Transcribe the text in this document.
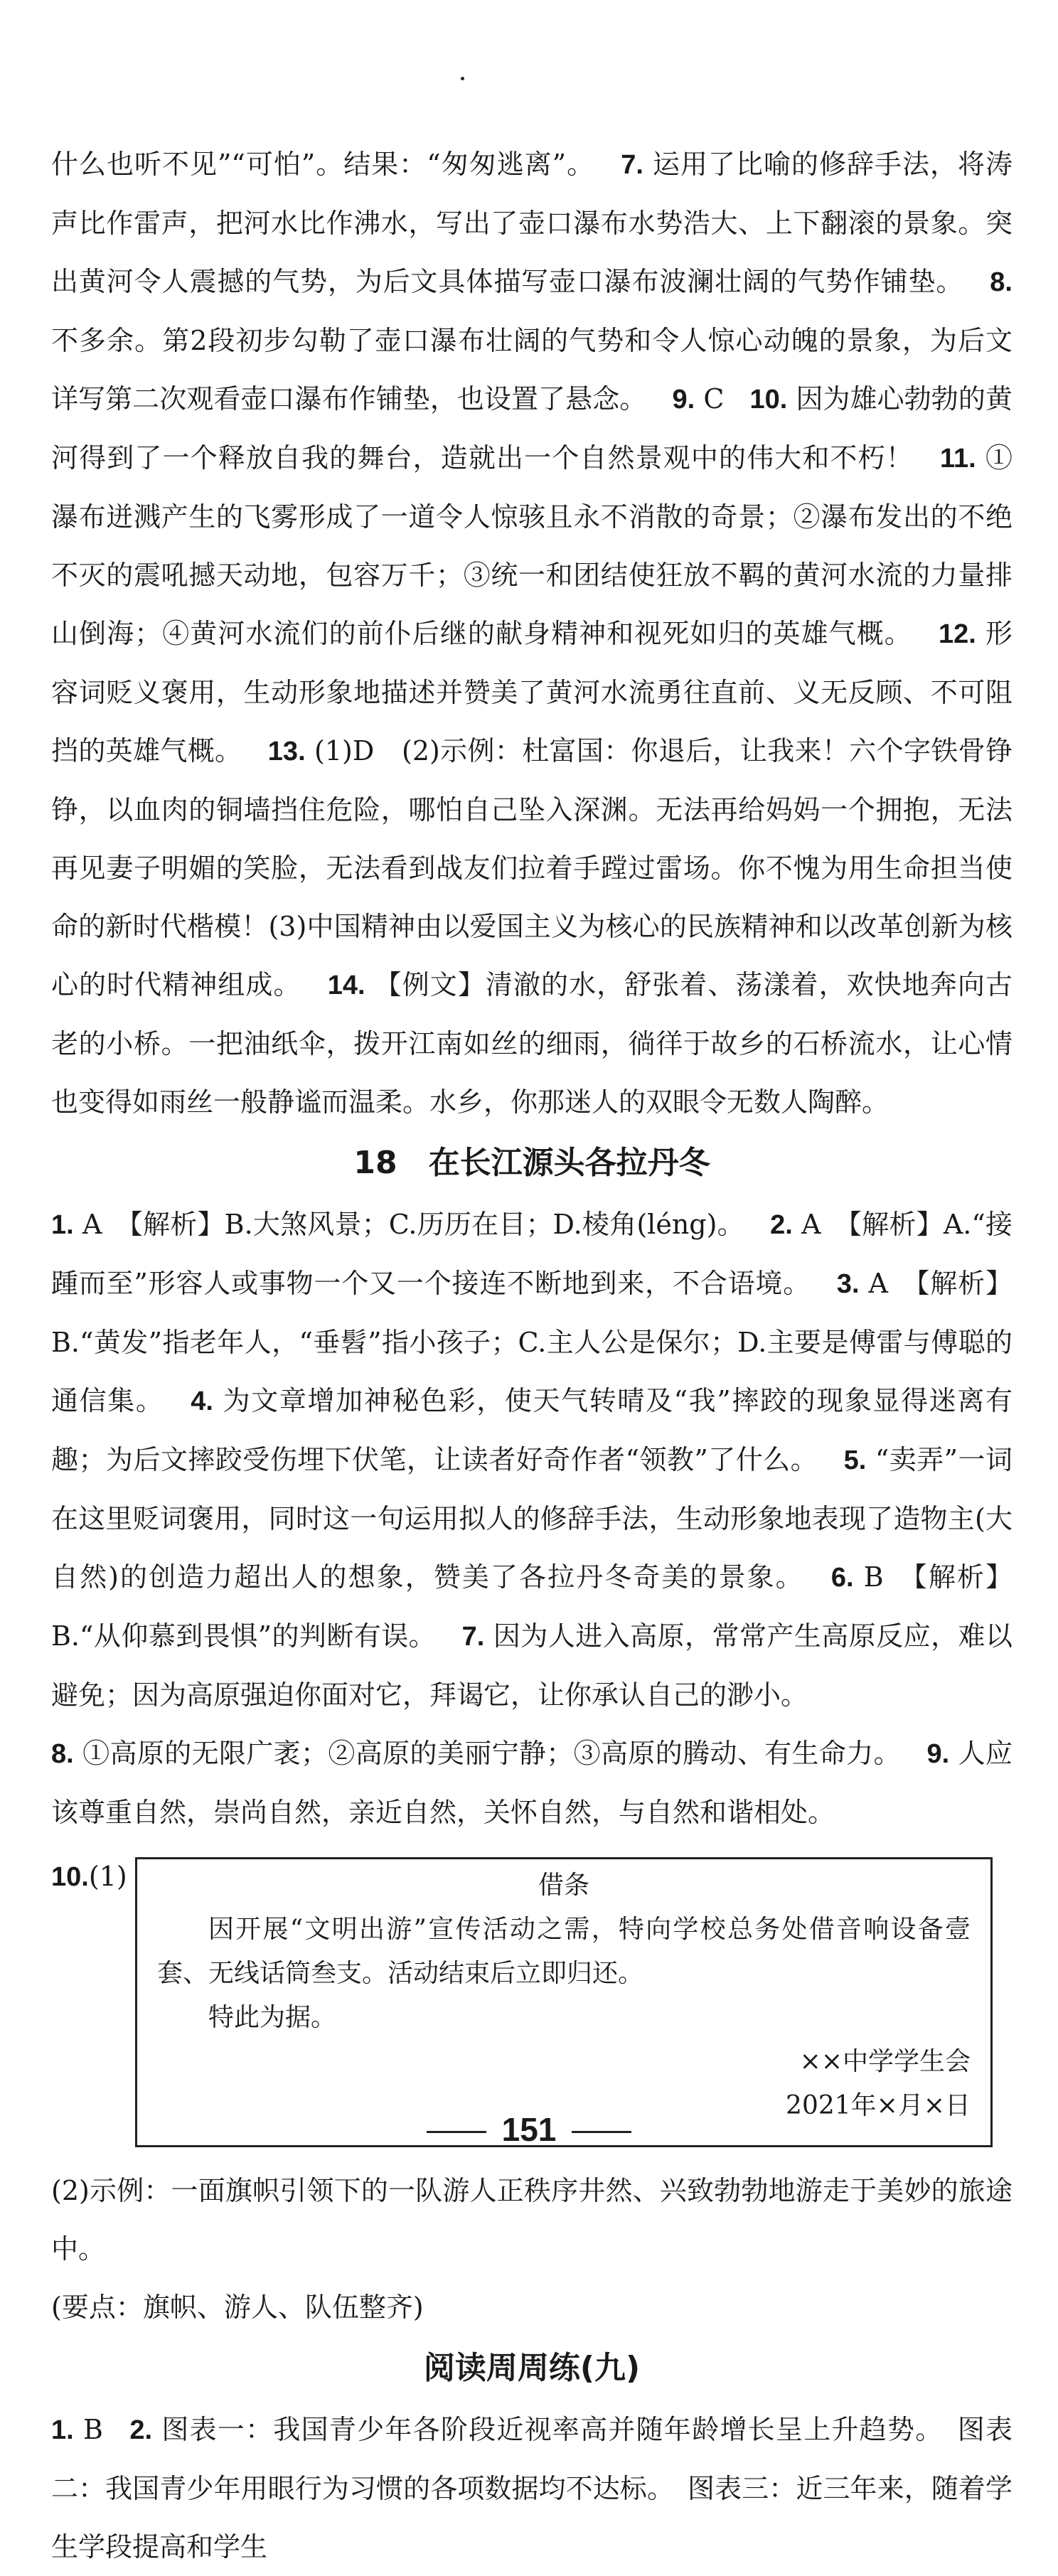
什么也听不见”“可怕”。结果：“匆匆逃离”。 7. 运用了比喻的修辞手法，将涛声比作雷声，把河水比作沸水，写出了壶口瀑布水势浩大、上下翻滚的景象。突出黄河令人震撼的气势，为后文具体描写壶口瀑布波澜壮阔的气势作铺垫。 8. 不多余。第2段初步勾勒了壶口瀑布壮阔的气势和令人惊心动魄的景象，为后文详写第二次观看壶口瀑布作铺垫，也设置了悬念。 9. C 10. 因为雄心勃勃的黄河得到了一个释放自我的舞台，造就出一个自然景观中的伟大和不朽！ 11. ①瀑布迸溅产生的飞雾形成了一道令人惊骇且永不消散的奇景；②瀑布发出的不绝不灭的震吼撼天动地，包容万千；③统一和团结使狂放不羁的黄河水流的力量排山倒海；④黄河水流们的前仆后继的献身精神和视死如归的英雄气概。 12. 形容词贬义褒用，生动形象地描述并赞美了黄河水流勇往直前、义无反顾、不可阻挡的英雄气概。 13. (1)D　(2)示例：杜富国：你退后，让我来！六个字铁骨铮铮，以血肉的铜墙挡住危险，哪怕自己坠入深渊。无法再给妈妈一个拥抱，无法再见妻子明媚的笑脸，无法看到战友们拉着手蹚过雷场。你不愧为用生命担当使命的新时代楷模！(3)中国精神由以爱国主义为核心的民族精神和以改革创新为核心的时代精神组成。 14. 【例文】清澈的水，舒张着、荡漾着，欢快地奔向古老的小桥。一把油纸伞，拨开江南如丝的细雨，徜徉于故乡的石桥流水，让心情也变得如雨丝一般静谧而温柔。水乡，你那迷人的双眼令无数人陶醉。

18　在长江源头各拉丹冬

1. A　【解析】B.大煞风景；C.历历在目；D.棱角(léng)。 2. A　【解析】A.“接踵而至”形容人或事物一个又一个接连不断地到来，不合语境。 3. A　【解析】B.“黄发”指老年人，“垂髫”指小孩子；C.主人公是保尔；D.主要是傅雷与傅聪的通信集。 4. 为文章增加神秘色彩，使天气转晴及“我”摔跤的现象显得迷离有趣；为后文摔跤受伤埋下伏笔，让读者好奇作者“领教”了什么。 5. “卖弄”一词在这里贬词褒用，同时这一句运用拟人的修辞手法，生动形象地表现了造物主(大自然)的创造力超出人的想象，赞美了各拉丹冬奇美的景象。 6. B　【解析】B.“从仰慕到畏惧”的判断有误。 7. 因为人进入高原，常常产生高原反应，难以避免；因为高原强迫你面对它，拜谒它，让你承认自己的渺小。

8. ①高原的无限广袤；②高原的美丽宁静；③高原的腾动、有生命力。 9. 人应该尊重自然，崇尚自然，亲近自然，关怀自然，与自然和谐相处。

10.(1)	借条
因开展“文明出游”宣传活动之需，特向学校总务处借音响设备壹套、无线话筒叁支。活动结束后立即归还。
特此为据。
××中学学生会
2021年×月×日

(2)示例：一面旗帜引领下的一队游人正秩序井然、兴致勃勃地游走于美妙的旅途中。

(要点：旗帜、游人、队伍整齐)

阅读周周练(九)

1. B 2. 图表一：我国青少年各阶段近视率高并随年龄增长呈上升趋势。　图表二：我国青少年用眼行为习惯的各项数据均不达标。　图表三：近三年来，随着学生学段提高和学生

151
